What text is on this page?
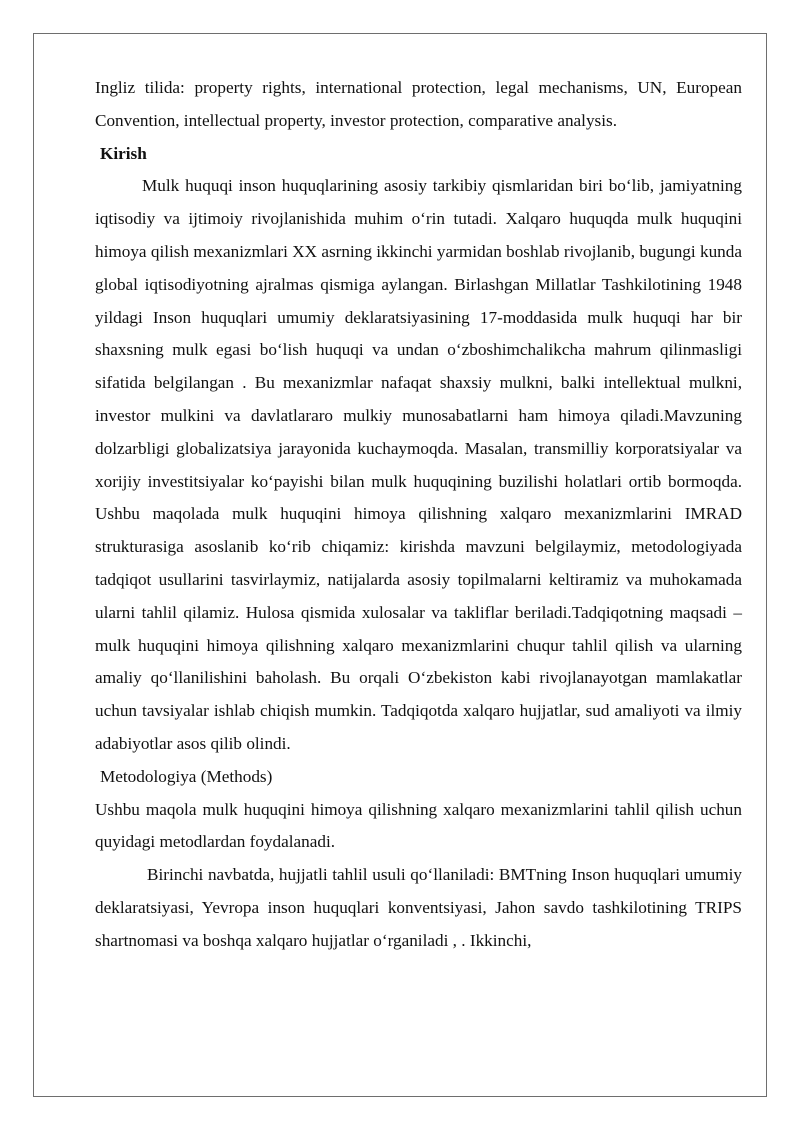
Ingliz tilida: property rights, international protection, legal mechanisms, UN, European Convention, intellectual property, investor protection, comparative analysis.

Kirish

Mulk huquqi inson huquqlarining asosiy tarkibiy qismlaridan biri bo‘lib, jamiyatning iqtisodiy va ijtimoiy rivojlanishida muhim o‘rin tutadi. Xalqaro huquqda mulk huquqini himoya qilish mexanizmlari XX asrning ikkinchi yarmidan boshlab rivojlanib, bugungi kunda global iqtisodiyotning ajralmas qismiga aylangan. Birlashgan Millatlar Tashkilotining 1948 yildagi Inson huquqlari umumiy deklaratsiyasining 17-moddasida mulk huquqi har bir shaxsning mulk egasi bo‘lish huquqi va undan o‘zboshimchalikcha mahrum qilinmasligi sifatida belgilangan . Bu mexanizmlar nafaqat shaxsiy mulkni, balki intellektual mulkni, investor mulkini va davlatlararo mulkiy munosabatlarni ham himoya qiladi.Mavzuning dolzarbligi globalizatsiya jarayonida kuchaymoqda. Masalan, transmilliy korporatsiyalar va xorijiy investitsiyalar ko‘payishi bilan mulk huquqining buzilishi holatlari ortib bormoqda. Ushbu maqolada mulk huquqini himoya qilishning xalqaro mexanizmlarini IMRAD strukturasiga asoslanib ko‘rib chiqamiz: kirishda mavzuni belgilaymiz, metodologiyada tadqiqot usullarini tasvirlaymiz, natijalarda asosiy topilmalarni keltiramiz va muhokamada ularni tahlil qilamiz. Hulosa qismida xulosalar va takliflar beriladi.Tadqiqotning maqsadi – mulk huquqini himoya qilishning xalqaro mexanizmlarini chuqur tahlil qilish va ularning amaliy qo‘llanilishini baholash. Bu orqali O‘zbekiston kabi rivojlanayotgan mamlakatlar uchun tavsiyalar ishlab chiqish mumkin. Tadqiqotda xalqaro hujjatlar, sud amaliyoti va ilmiy adabiyotlar asos qilib olindi.

Metodologiya (Methods)

Ushbu maqola mulk huquqini himoya qilishning xalqaro mexanizmlarini tahlil qilish uchun quyidagi metodlardan foydalanadi.

Birinchi navbatda, hujjatli tahlil usuli qo‘llaniladi: BMTning Inson huquqlari umumiy deklaratsiyasi, Yevropa inson huquqlari konventsiyasi, Jahon savdo tashkilotining TRIPS shartnomasi va boshqa xalqaro hujjatlar o‘rganiladi , . Ikkinchi,
